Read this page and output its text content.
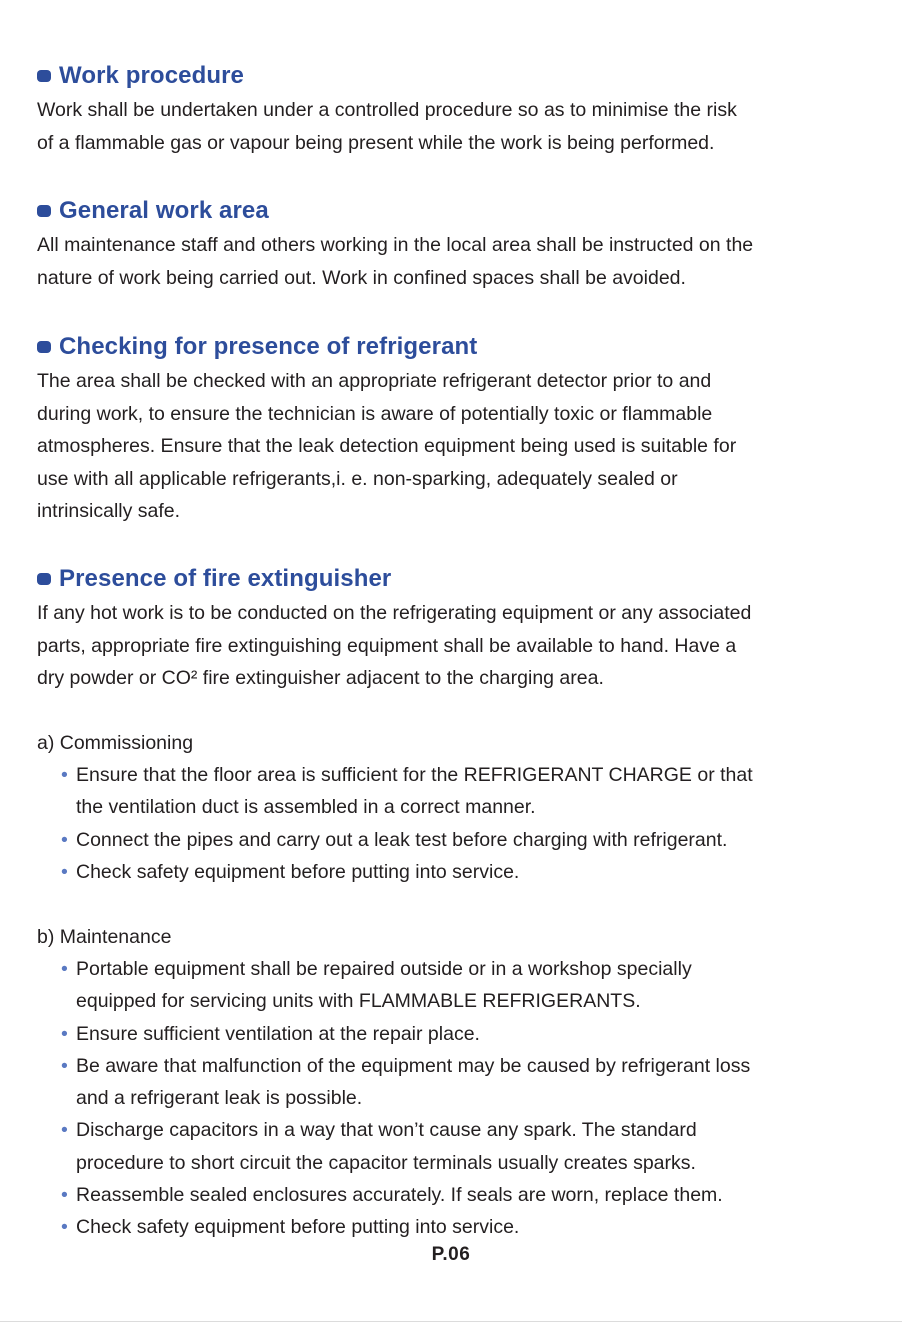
Work procedure

Work shall be undertaken under a controlled procedure so as to minimise the risk
of a flammable gas or vapour being present while the work is being performed.

General work area

All maintenance staff and others working in the local area shall be instructed on the
nature of work being carried out. Work in confined spaces shall be avoided.

Checking for presence of refrigerant

The area shall be checked with an appropriate refrigerant detector prior to and
during work, to ensure the technician is aware of potentially toxic or flammable
atmospheres. Ensure that the leak detection equipment being used is suitable for
use with all applicable refrigerants,i. e. non-sparking, adequately sealed or
intrinsically safe.

Presence of fire extinguisher

If any hot work is to be conducted on the refrigerating equipment or any associated
parts, appropriate fire extinguishing equipment shall be available to hand. Have a
dry powder or CO² fire extinguisher adjacent to the charging area.

a) Commissioning
• Ensure that the floor area is sufficient for the REFRIGERANT CHARGE or that
the ventilation duct is assembled in a correct manner.
• Connect the pipes and carry out a leak test before charging with refrigerant.
• Check safety equipment before putting into service.
b) Maintenance
• Portable equipment shall be repaired outside or in a workshop specially
equipped for servicing units with FLAMMABLE REFRIGERANTS.
• Ensure sufficient ventilation at the repair place.
• Be aware that malfunction of the equipment may be caused by refrigerant loss
and a refrigerant leak is possible.
• Discharge capacitors in a way that won’t cause any spark. The standard
procedure to short circuit the capacitor terminals usually creates sparks.
• Reassemble sealed enclosures accurately. If seals are worn, replace them.
• Check safety equipment before putting into service.
P.06
